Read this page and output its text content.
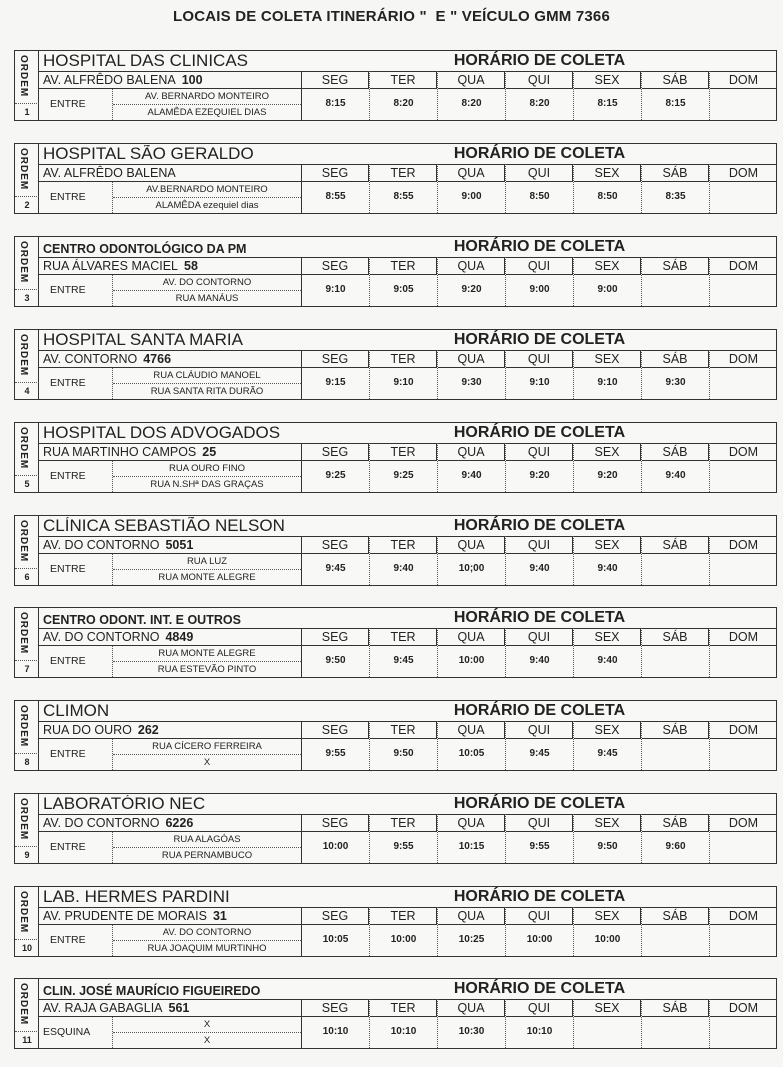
LOCAIS DE COLETA ITINERÁRIO "  E " VEÍCULO GMM 7366
ORDEM
1
HOSPITAL DAS CLINICAS
AV. ALFRÊDO BALENA 100
ENTRE
AV. BERNARDO MONTEIRO
ALAMÊDA EZEQUIEL DIAS
HORÁRIO DE COLETA
SEG
8:15
TER
8:20
QUA
8:20
QUI
8:20
SEX
8:15
SÁB
8:15
DOM
ORDEM
2
HOSPITAL SÃO GERALDO
AV. ALFRÊDO BALENA
ENTRE
AV.BERNARDO MONTEIRO
ALAMÊDA ezequiel dias
HORÁRIO DE COLETA
SEG
8:55
TER
8:55
QUA
9:00
QUI
8:50
SEX
8:50
SÁB
8:35
DOM
ORDEM
3
CENTRO ODONTOLÓGICO DA PM
RUA ÁLVARES MACIEL 58
ENTRE
AV. DO CONTORNO
RUA MANÁUS
HORÁRIO DE COLETA
SEG
9:10
TER
9:05
QUA
9:20
QUI
9:00
SEX
9:00
SÁB	DOM
ORDEM
4
HOSPITAL SANTA MARIA
AV. CONTORNO 4766
ENTRE
RUA CLÁUDIO MANOEL
RUA SANTA RITA DURÃO
HORÁRIO DE COLETA
SEG
9:15
TER
9:10
QUA
9:30
QUI
9:10
SEX
9:10
SÁB
9:30
DOM
ORDEM
5
HOSPITAL DOS ADVOGADOS
RUA MARTINHO CAMPOS 25
ENTRE
RUA OURO FINO
RUA N.SHª DAS GRAÇAS
HORÁRIO DE COLETA
SEG
9:25
TER
9:25
QUA
9:40
QUI
9:20
SEX
9:20
SÁB
9:40
DOM
ORDEM
6
CLÍNICA SEBASTIÃO NELSON
AV. DO CONTORNO 5051
ENTRE
RUA LUZ
RUA MONTE ALEGRE
HORÁRIO DE COLETA
SEG
9:45
TER
9:40
QUA
10;00
QUI
9:40
SEX
9:40
SÁB	DOM
ORDEM
7
CENTRO ODONT. INT. E OUTROS
AV. DO CONTORNO 4849
ENTRE
RUA MONTE ALEGRE
RUA ESTEVÃO PINTO
HORÁRIO DE COLETA
SEG
9:50
TER
9:45
QUA
10:00
QUI
9:40
SEX
9:40
SÁB	DOM
ORDEM
8
CLIMON
RUA DO OURO 262
ENTRE
RUA CÍCERO FERREIRA
X
HORÁRIO DE COLETA
SEG
9:55
TER
9:50
QUA
10:05
QUI
9:45
SEX
9:45
SÁB	DOM
ORDEM
9
LABORATÓRIO NEC
AV. DO CONTORNO 6226
ENTRE
RUA ALAGÓAS
RUA PERNAMBUCO
HORÁRIO DE COLETA
SEG
10:00
TER
9:55
QUA
10:15
QUI
9:55
SEX
9:50
SÁB
9:60
DOM
ORDEM
10
LAB. HERMES PARDINI
AV. PRUDENTE DE MORAIS 31
ENTRE
AV. DO CONTORNO
RUA JOAQUIM MURTINHO
HORÁRIO DE COLETA
SEG
10:05
TER
10:00
QUA
10:25
QUI
10:00
SEX
10:00
SÁB	DOM
ORDEM
11
CLIN. JOSÉ MAURÍCIO FIGUEIREDO
AV. RAJA GABAGLIA 561
ESQUINA
X
X
HORÁRIO DE COLETA
SEG
10:10
TER
10:10
QUA
10:30
QUI
10:10
SEX	SÁB	DOM
